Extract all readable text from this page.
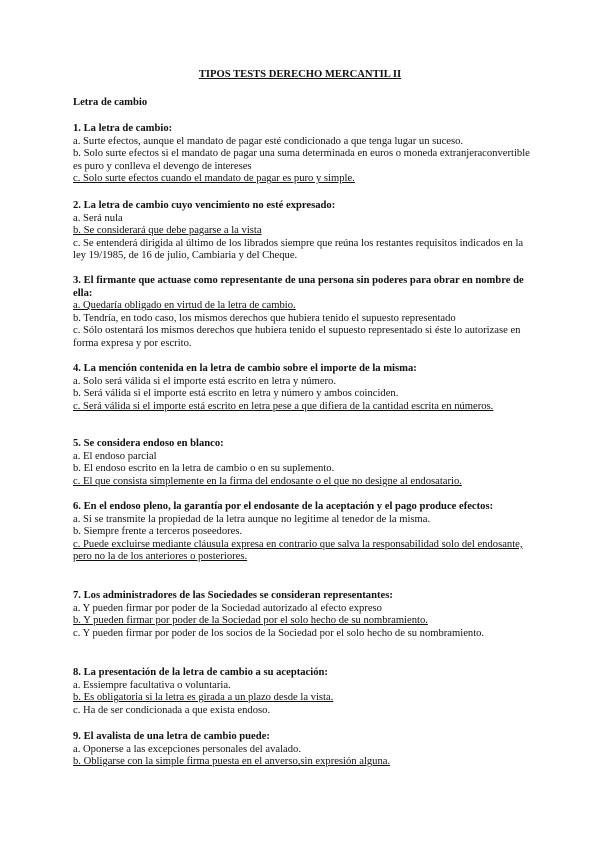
TIPOS TESTS DERECHO MERCANTIL II
Letra de cambio
1. La letra de cambio:
a. Surte efectos, aunque el mandato de pagar esté condicionado a que tenga lugar un suceso.
b. Solo surte efectos si el mandato de pagar una suma determinada en euros o moneda extranjeraconvertible es puro y conlleva el devengo de intereses
c. Solo surte efectos cuando el mandato de pagar es puro y simple.
2. La letra de cambio cuyo vencimiento no esté expresado:
a. Será nula
b. Se considerará que debe pagarse a la vista
c. Se entenderá dirigida al último de los librados siempre que reúna los restantes requisitos indicados en la ley 19/1985, de 16 de julio, Cambiaria y del Cheque.
3. El firmante que actuase como representante de una persona sin poderes para obrar en nombre de ella:
a. Quedaría obligado en virtud de la letra de cambio.
b. Tendría, en todo caso, los mismos derechos que hubiera tenido el supuesto representado
c. Sólo ostentará los mismos derechos que hubiera tenido el supuesto representado si éste lo autorizase en forma expresa y por escrito.
4. La mención contenida en la letra de cambio sobre el importe de la misma:
a. Solo será válida si el importe está escrito en letra y número.
b. Será válida si el importe está escrito en letra y número y ambos coinciden.
c. Será válida si el importe está escrito en letra pese a que difiera de la cantidad escrita en números.
5. Se considera endoso en blanco:
a. El endoso parcial
b. El endoso escrito en la letra de cambio o en su suplemento.
c. El que consista simplemente en la firma del endosante o el que no designe al endosatario.
6. En el endoso pleno, la garantía por el endosante de la aceptación y el pago produce efectos:
a. Si se transmite la propiedad de la letra aunque no legitime al tenedor de la misma.
b. Siempre frente a terceros poseedores.
c. Puede excluirse mediante cláusula expresa en contrario que salva la responsabilidad solo del endosante, pero no la de los anteriores o posteriores.
7. Los administradores de las Sociedades se consideran representantes:
a. Y pueden firmar por poder de la Sociedad autorizado al efecto expreso
b. Y pueden firmar por poder de la Sociedad por el solo hecho de su nombramiento.
c. Y pueden firmar por poder de los socios de la Sociedad por el solo hecho de su nombramiento.
8. La presentación de la letra de cambio a su aceptación:
a. Essiempre facultativa o voluntaria.
b. Es obligatoria si la letra es girada a un plazo desde la vista.
c. Ha de ser condicionada a que exista endoso.
9. El avalista de una letra de cambio puede:
a. Oponerse a las excepciones personales del avalado.
b. Obligarse con la simple firma puesta en el anverso,sin expresión alguna.
